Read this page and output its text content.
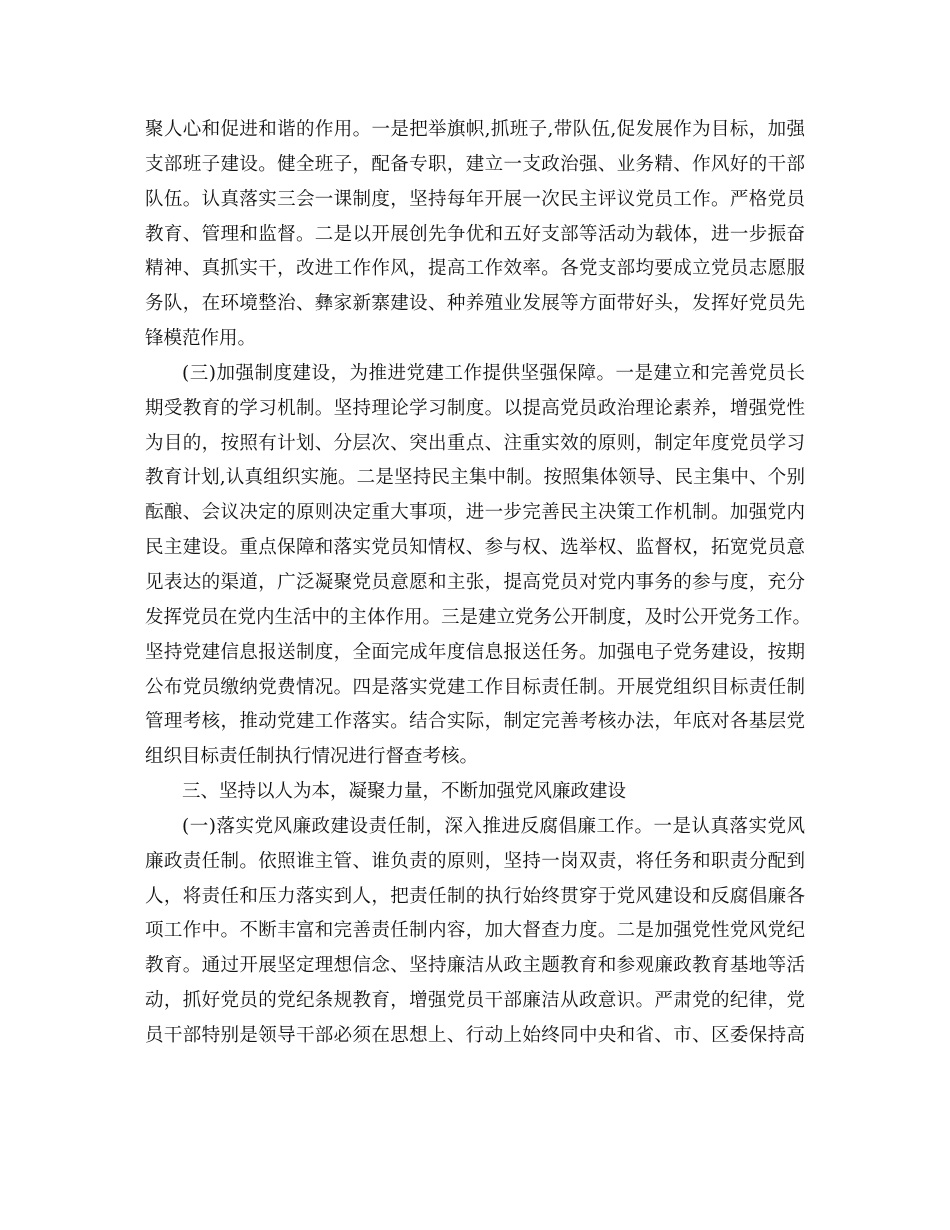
聚人心和促进和谐的作用。一是把举旗帜,抓班子,带队伍,促发展作为目标，加强
支部班子建设。健全班子，配备专职，建立一支政治强、业务精、作风好的干部
队伍。认真落实三会一课制度，坚持每年开展一次民主评议党员工作。严格党员
教育、管理和监督。二是以开展创先争优和五好支部等活动为载体，进一步振奋
精神、真抓实干，改进工作作风，提高工作效率。各党支部均要成立党员志愿服
务队，在环境整治、彝家新寨建设、种养殖业发展等方面带好头，发挥好党员先
锋模范作用。
(三)加强制度建设，为推进党建工作提供坚强保障。一是建立和完善党员长
期受教育的学习机制。坚持理论学习制度。以提高党员政治理论素养，增强党性
为目的，按照有计划、分层次、突出重点、注重实效的原则，制定年度党员学习
教育计划,认真组织实施。二是坚持民主集中制。按照集体领导、民主集中、个别
酝酿、会议决定的原则决定重大事项，进一步完善民主决策工作机制。加强党内
民主建设。重点保障和落实党员知情权、参与权、选举权、监督权，拓宽党员意
见表达的渠道，广泛凝聚党员意愿和主张，提高党员对党内事务的参与度，充分
发挥党员在党内生活中的主体作用。三是建立党务公开制度，及时公开党务工作。
坚持党建信息报送制度，全面完成年度信息报送任务。加强电子党务建设，按期
公布党员缴纳党费情况。四是落实党建工作目标责任制。开展党组织目标责任制
管理考核，推动党建工作落实。结合实际，制定完善考核办法，年底对各基层党
组织目标责任制执行情况进行督查考核。
三、坚持以人为本，凝聚力量，不断加强党风廉政建设
(一)落实党风廉政建设责任制，深入推进反腐倡廉工作。一是认真落实党风
廉政责任制。依照谁主管、谁负责的原则，坚持一岗双责，将任务和职责分配到
人，将责任和压力落实到人，把责任制的执行始终贯穿于党风建设和反腐倡廉各
项工作中。不断丰富和完善责任制内容，加大督查力度。二是加强党性党风党纪
教育。通过开展坚定理想信念、坚持廉洁从政主题教育和参观廉政教育基地等活
动，抓好党员的党纪条规教育，增强党员干部廉洁从政意识。严肃党的纪律，党
员干部特别是领导干部必须在思想上、行动上始终同中央和省、市、区委保持高
